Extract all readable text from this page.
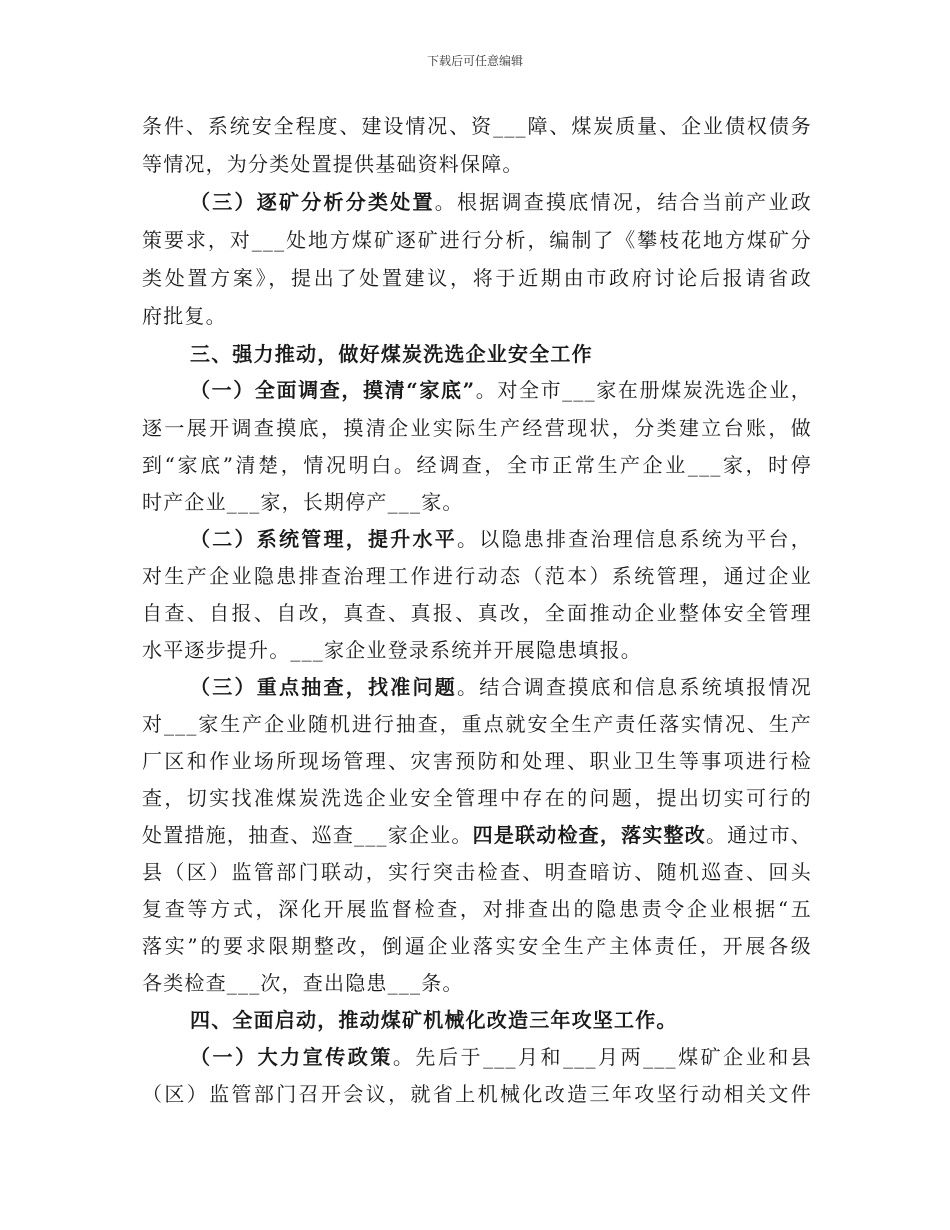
下载后可任意编辑
条件、系统安全程度、建设情况、资___障、煤炭质量、企业债权债务
等情况，为分类处置提供基础资料保障。
（三）逐矿分析分类处置。根据调查摸底情况，结合当前产业政
策要求，对___处地方煤矿逐矿进行分析，编制了《攀枝花地方煤矿分
类处置方案》，提出了处置建议，将于近期由市政府讨论后报请省政
府批复。
三、强力推动，做好煤炭洗选企业安全工作
（一）全面调查，摸清“家底”。对全市___家在册煤炭洗选企业，
逐一展开调查摸底，摸清企业实际生产经营现状，分类建立台账，做
到“家底”清楚，情况明白。经调查，全市正常生产企业___家，时停
时产企业___家，长期停产___家。
（二）系统管理，提升水平。以隐患排查治理信息系统为平台，
对生产企业隐患排查治理工作进行动态（范本）系统管理，通过企业
自查、自报、自改，真查、真报、真改，全面推动企业整体安全管理
水平逐步提升。___家企业登录系统并开展隐患填报。
（三）重点抽查，找准问题。结合调查摸底和信息系统填报情况
对___家生产企业随机进行抽查，重点就安全生产责任落实情况、生产
厂区和作业场所现场管理、灾害预防和处理、职业卫生等事项进行检
查，切实找准煤炭洗选企业安全管理中存在的问题，提出切实可行的
处置措施，抽查、巡查___家企业。四是联动检查，落实整改。通过市、
县（区）监管部门联动，实行突击检查、明查暗访、随机巡查、回头
复查等方式，深化开展监督检查，对排查出的隐患责令企业根据“五
落实”的要求限期整改，倒逼企业落实安全生产主体责任，开展各级
各类检查___次，查出隐患___条。
四、全面启动，推动煤矿机械化改造三年攻坚工作。
（一）大力宣传政策。先后于___月和___月两___煤矿企业和县
（区）监管部门召开会议，就省上机械化改造三年攻坚行动相关文件
